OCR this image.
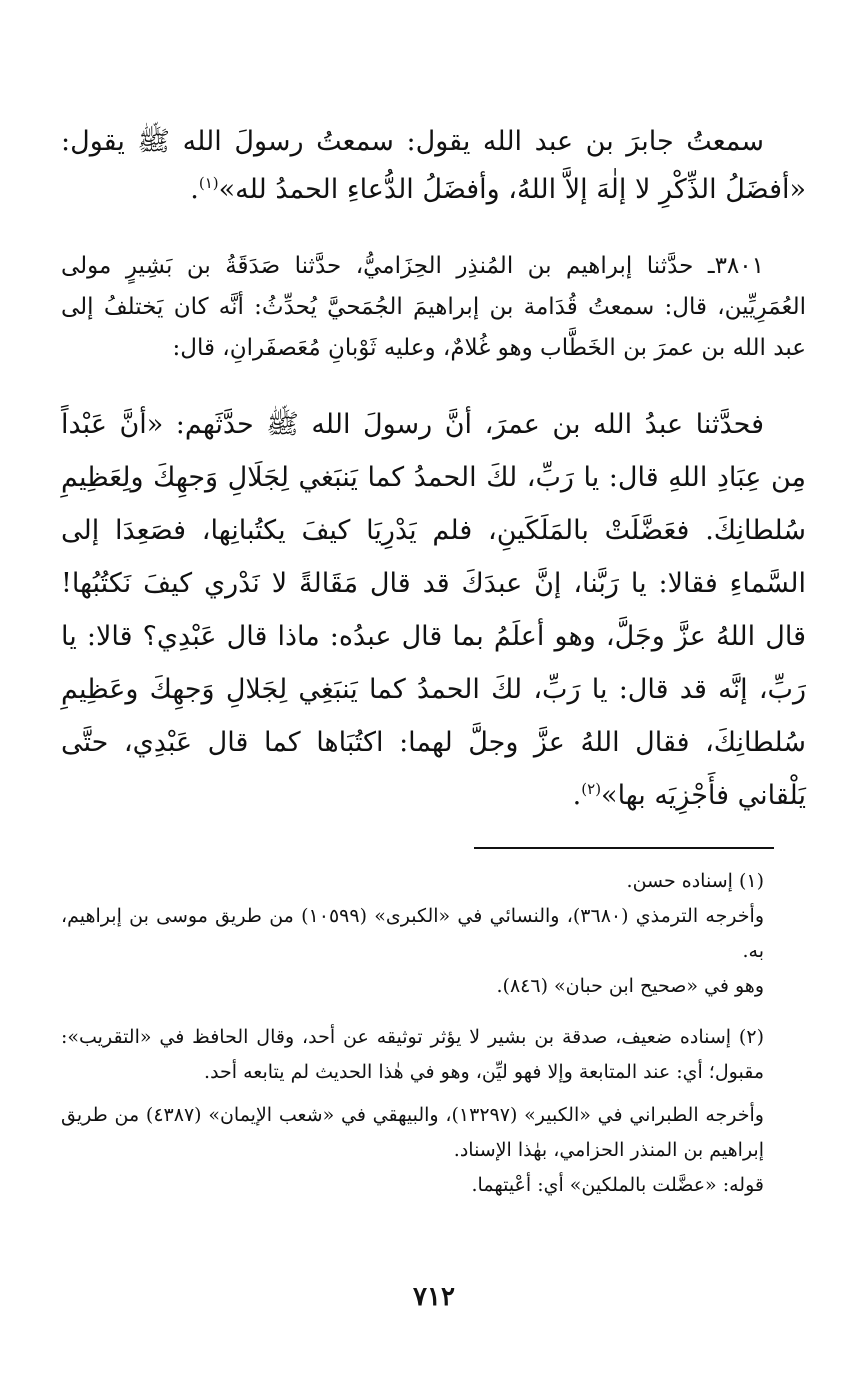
سمعتُ جابرَ بن عبد الله يقول: سمعتُ رسولَ الله ﷺ يقول: «أفضَلُ الذِّكْرِ لا إلٰهَ إلاَّ اللهُ، وأفضَلُ الدُّعاءِ الحمدُ لله»$^{(١)}$.

٣٨٠١ـ حدَّثنا إبراهيم بن المُنذِر الحِزَاميُّ، حدَّثنا صَدَقَةُ بن بَشِيرٍ مولى العُمَرِيِّين، قال: سمعتُ قُدَامة بن إبراهيمَ الجُمَحيَّ يُحدِّثُ: أنَّه كان يَختلفُ إلى عبد الله بن عمرَ بن الخَطَّاب وهو غُلامٌ، وعليه ثَوْبانِ مُعَصفَرانِ، قال:

فحدَّثنا عبدُ الله بن عمرَ، أنَّ رسولَ الله ﷺ حدَّثَهم: «أنَّ عَبْداً مِن عِبَادِ اللهِ قال: يا رَبِّ، لكَ الحمدُ كما يَنبَغي لِجَلَالِ وَجهِكَ ولِعَظِيمِ سُلطانِكَ. فعَضَّلَتْ بالمَلَكَينِ، فلم يَدْرِيَا كيفَ يكتُبانِها، فصَعِدَا إلى السَّماءِ فقالا: يا رَبَّنا، إنَّ عبدَكَ قد قال مَقَالةً لا نَدْري كيفَ نَكتُبُها! قال اللهُ عزَّ وجَلَّ، وهو أعلَمُ بما قال عبدُه: ماذا قال عَبْدِي؟ قالا: يا رَبِّ، إنَّه قد قال: يا رَبِّ، لكَ الحمدُ كما يَنبَغِي لِجَلالِ وَجهِكَ وعَظِيمِ سُلطانِكَ، فقال اللهُ عزَّ وجلَّ لهما: اكتُبَاها كما قال عَبْدِي، حتَّى يَلْقاني فأَجْزِيَه بها»$^{(٢)}$.

(١) إسناده حسن.
وأخرجه الترمذي (٣٦٨٠)، والنسائي في «الكبرى» (١٠٥٩٩) من طريق موسى بن إبراهيم، به.
وهو في «صحيح ابن حبان» (٨٤٦).
(٢) إسناده ضعيف، صدقة بن بشير لا يؤثر توثيقه عن أحد، وقال الحافظ في «التقريب»: مقبول؛ أي: عند المتابعة وإلا فهو ليِّن، وهو في هٰذا الحديث لم يتابعه أحد.
وأخرجه الطبراني في «الكبير» (١٣٢٩٧)، والبيهقي في «شعب الإيمان» (٤٣٨٧) من طريق إبراهيم بن المنذر الحزامي، بهٰذا الإسناد.
قوله: «عضَّلت بالملكين» أي: أعْيتهما.
٧١٢
